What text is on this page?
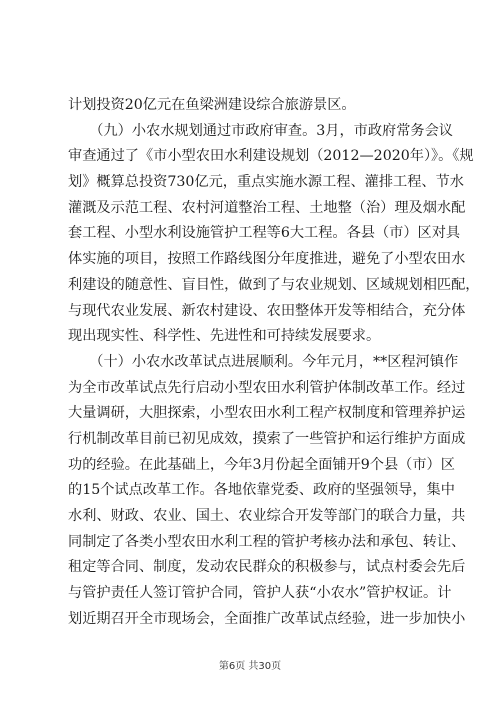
计划投资20亿元在鱼梁洲建设综合旅游景区。
　　（九）小农水规划通过市政府审查。3月，市政府常务会议
审查通过了《市小型农田水利建设规划（2012—2020年）》。《规
划》概算总投资730亿元，重点实施水源工程、灌排工程、节水
灌溉及示范工程、农村河道整治工程、土地整（治）理及烟水配
套工程、小型水利设施管护工程等6大工程。各县（市）区对具
体实施的项目，按照工作路线图分年度推进，避免了小型农田水
利建设的随意性、盲目性，做到了与农业规划、区域规划相匹配，
与现代农业发展、新农村建设、农田整体开发等相结合，充分体
现出现实性、科学性、先进性和可持续发展要求。
　　（十）小农水改革试点进展顺利。今年元月，**区程河镇作
为全市改革试点先行启动小型农田水利管护体制改革工作。经过
大量调研，大胆探索，小型农田水利工程产权制度和管理养护运
行机制改革目前已初见成效，摸索了一些管护和运行维护方面成
功的经验。在此基础上，今年3月份起全面铺开9个县（市）区
的15个试点改革工作。各地依靠党委、政府的坚强领导，集中
水利、财政、农业、国土、农业综合开发等部门的联合力量，共
同制定了各类小型农田水利工程的管护考核办法和承包、转让、
租定等合同、制度，发动农民群众的积极参与，试点村委会先后
与管护责任人签订管护合同，管护人获“小农水”管护权证。计
划近期召开全市现场会，全面推广改革试点经验，进一步加快小
第6页 共30页
